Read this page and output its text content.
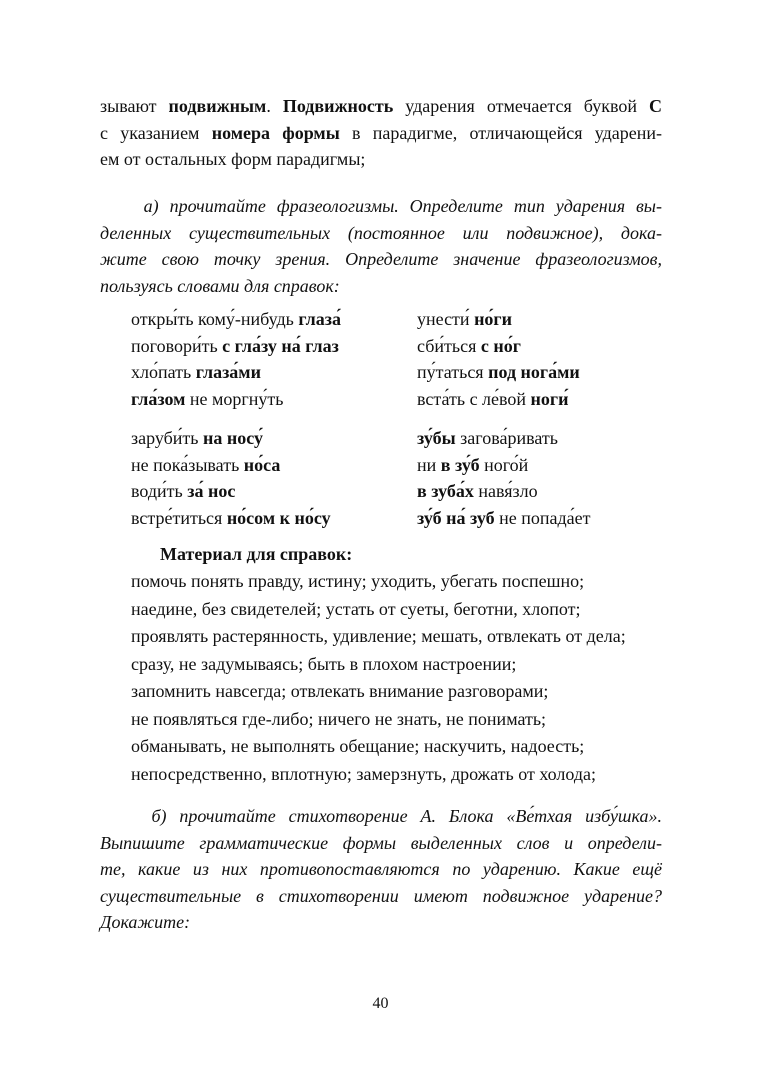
зывают подвижным. Подвижность ударения отмечается буквой С
с указанием номера формы в парадигме, отличающейся ударени-
ем от остальных форм парадигмы;
а) прочитайте фразеологизмы. Определите тип ударения вы-
деленных существительных (постоянное или подвижное), дока-
жите свою точку зрения. Определите значение фразеологизмов,
пользуясь словами для справок:
откры́ть кому́-нибудь глаза́
поговори́ть с гла́зу на́ глаз
хло́пать глаза́ми
гла́зом не моргну́ть
заруби́ть на носу́
не пока́зывать но́са
води́ть за́ нос
встре́титься но́сом к но́су
унести́ но́ги
сби́ться с но́г
пу́таться под нога́ми
вста́ть с ле́вой ноги́
зу́бы загова́ривать
ни в зу́б ного́й
в зуба́х навя́зло
зу́б на́ зуб не попада́ет
Материал для справок:
помочь понять правду, истину; уходить, убегать поспешно;
наедине, без свидетелей; устать от суеты, беготни, хлопот;
проявлять растерянность, удивление; мешать, отвлекать от дела;
сразу, не задумываясь; быть в плохом настроении;
запомнить навсегда; отвлекать внимание разговорами;
не появляться где-либо; ничего не знать, не понимать;
обманывать, не выполнять обещание; наскучить, надоесть;
непосредственно, вплотную; замерзнуть, дрожать от холода;
б) прочитайте стихотворение А. Блока «Ве́тхая избу́шка».
Выпишите грамматические формы выделенных слов и определи-
те, какие из них противопоставляются по ударению. Какие ещё
существительные в стихотворении имеют подвижное ударение?
Докажите:
40
